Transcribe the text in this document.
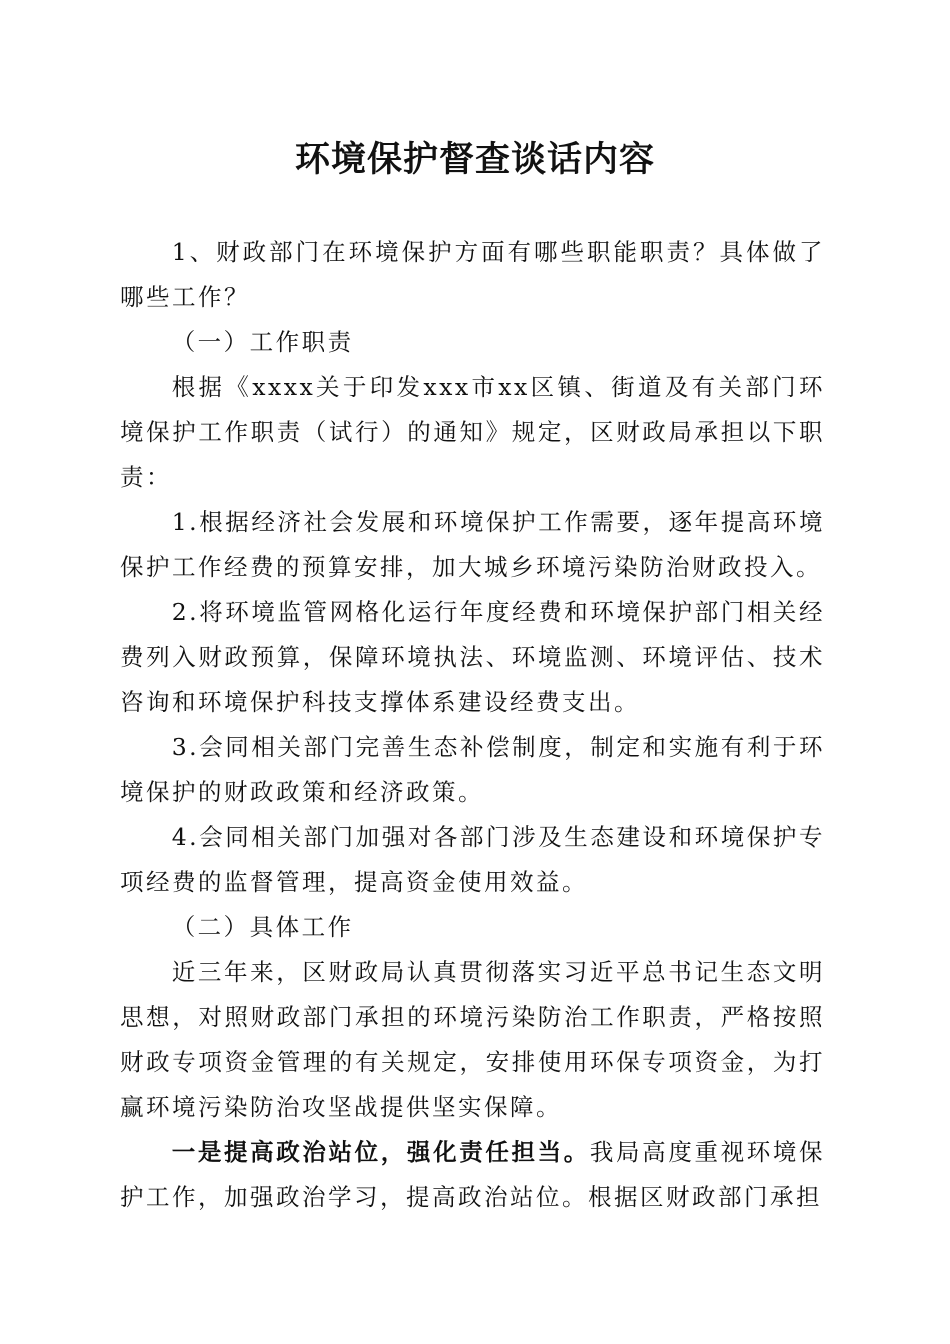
环境保护督查谈话内容

1、财政部门在环境保护方面有哪些职能职责？具体做了哪些工作？

（一）工作职责

根据《xxxx关于印发xxx市xx区镇、街道及有关部门环境保护工作职责（试行）的通知》规定，区财政局承担以下职责：

1.根据经济社会发展和环境保护工作需要，逐年提高环境保护工作经费的预算安排，加大城乡环境污染防治财政投入。

2.将环境监管网格化运行年度经费和环境保护部门相关经费列入财政预算，保障环境执法、环境监测、环境评估、技术咨询和环境保护科技支撑体系建设经费支出。

3.会同相关部门完善生态补偿制度，制定和实施有利于环境保护的财政政策和经济政策。

4.会同相关部门加强对各部门涉及生态建设和环境保护专项经费的监督管理，提高资金使用效益。

（二）具体工作

近三年来，区财政局认真贯彻落实习近平总书记生态文明思想，对照财政部门承担的环境污染防治工作职责，严格按照财政专项资金管理的有关规定，安排使用环保专项资金，为打赢环境污染防治攻坚战提供坚实保障。

一是提高政治站位，强化责任担当。我局高度重视环境保护工作，加强政治学习，提高政治站位。根据区财政部门承担
